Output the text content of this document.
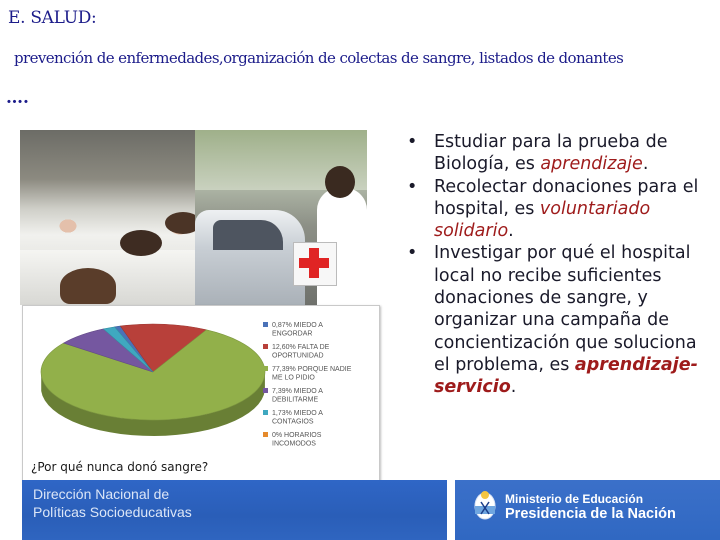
E. SALUD:
prevención de enfermedades,organización de colectas de sangre, listados de donantes
….
0,87% MIEDO A ENGORDAR
12,60% FALTA DE OPORTUNIDAD
77,39% PORQUE NADIE ME LO PIDIO
7,39% MIEDO A DEBILITARME
1,73% MIEDO A CONTAGIOS
0% HORARIOS INCOMODOS
¿Por qué nunca donó sangre?
• Estudiar para la prueba de Biología, es aprendizaje.
• Recolectar donaciones para el hospital, es voluntariado solidario.
• Investigar por qué el hospital local no recibe suficientes donaciones de sangre, y organizar una campaña de concientización que soluciona el problema, es aprendizaje-servicio.
Dirección Nacional de
Políticas Socioeducativas
Ministerio de Educación
Presidencia de la Nación
